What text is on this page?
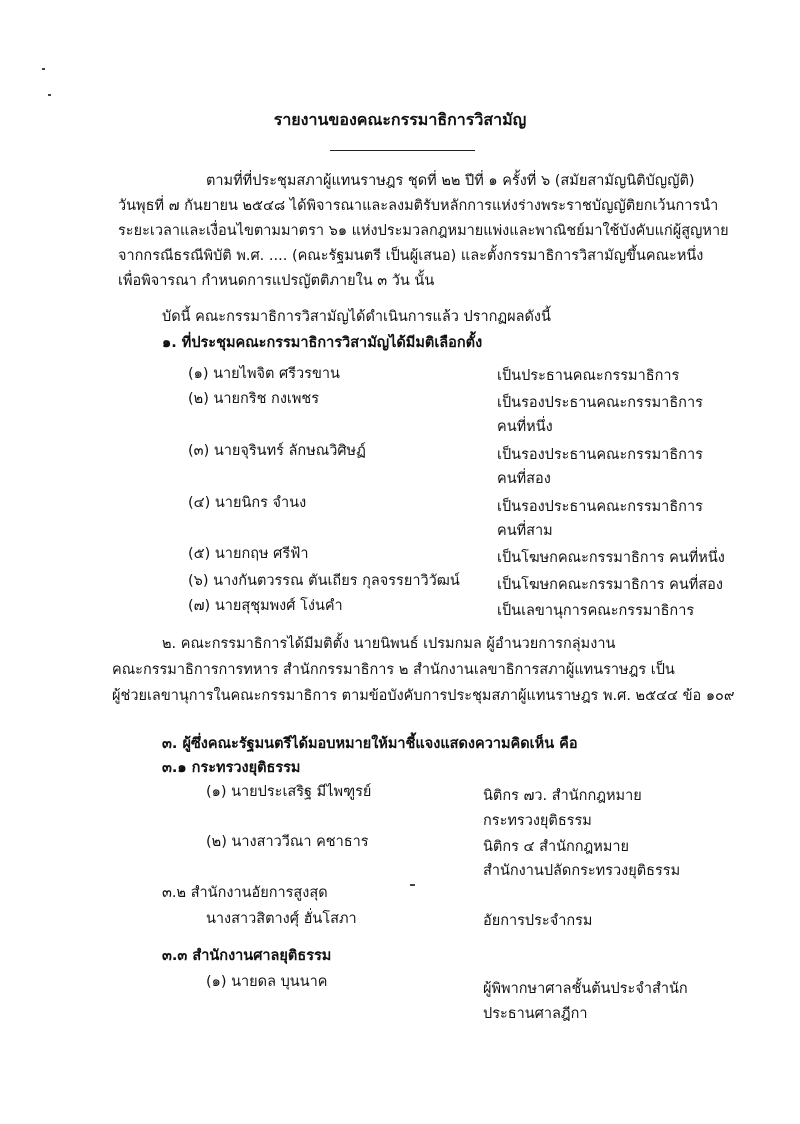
รายงานของคณะกรรมาธิการวิสามัญ
ตามที่ที่ประชุมสภาผู้แทนราษฎร ชุดที่ ๒๒ ปีที่ ๑ ครั้งที่ ๖ (สมัยสามัญนิติบัญญัติ)
วันพุธที่ ๗ กันยายน ๒๕๔๘ ได้พิจารณาและลงมติรับหลักการแห่งร่างพระราชบัญญัติยกเว้นการนำ
ระยะเวลาและเงื่อนไขตามมาตรา ๖๑ แห่งประมวลกฎหมายแพ่งและพาณิชย์มาใช้บังคับแก่ผู้สูญหาย
จากกรณีธรณีพิบัติ พ.ศ. .... (คณะรัฐมนตรี เป็นผู้เสนอ) และตั้งกรรมาธิการวิสามัญขึ้นคณะหนึ่ง
เพื่อพิจารณา กำหนดการแปรญัตติภายใน ๓ วัน นั้น
บัดนี้ คณะกรรมาธิการวิสามัญได้ดำเนินการแล้ว ปรากฏผลดังนี้
๑. ที่ประชุมคณะกรรมาธิการวิสามัญได้มีมติเลือกตั้ง
(๑) นายไพจิต ศรีวรขาน	เป็นประธานคณะกรรมาธิการ
(๒) นายกริช กงเพชร	เป็นรองประธานคณะกรรมาธิการ
คนที่หนึ่ง
(๓) นายจุรินทร์ ลักษณวิศิษฏ์	เป็นรองประธานคณะกรรมาธิการ
คนที่สอง
(๔) นายนิกร จำนง	เป็นรองประธานคณะกรรมาธิการ
คนที่สาม
(๕) นายกฤษ ศรีฟ้า	เป็นโฆษกคณะกรรมาธิการ คนที่หนึ่ง
(๖) นางกันตวรรณ ตันเถียร กุลจรรยาวิวัฒน์	เป็นโฆษกคณะกรรมาธิการ คนที่สอง
(๗) นายสุชุมพงศ์ โง่นคำ	เป็นเลขานุการคณะกรรมาธิการ
๒. คณะกรรมาธิการได้มีมติตั้ง นายนิพนธ์ เปรมกมล ผู้อำนวยการกลุ่มงาน
คณะกรรมาธิการการทหาร สำนักกรรมาธิการ ๒ สำนักงานเลขาธิการสภาผู้แทนราษฎร เป็น
ผู้ช่วยเลขานุการในคณะกรรมาธิการ ตามข้อบังคับการประชุมสภาผู้แทนราษฎร พ.ศ. ๒๕๔๔ ข้อ ๑๐๙
๓. ผู้ซึ่งคณะรัฐมนตรีได้มอบหมายให้มาชี้แจงแสดงความคิดเห็น คือ
๓.๑ กระทรวงยุติธรรม
(๑) นายประเสริฐ มีไพฑูรย์	นิติกร ๗ว. สำนักกฎหมาย
กระทรวงยุติธรรม
(๒) นางสาววีณา คชาธาร	นิติกร ๔ สำนักกฎหมาย
สำนักงานปลัดกระทรวงยุติธรรม
๓.๒ สำนักงานอัยการสูงสุด
นางสาวสิตางศุ์ ฮั่นโสภา	อัยการประจำกรม
๓.๓ สำนักงานศาลยุติธรรม
(๑) นายดล บุนนาค	ผู้พิพากษาศาลชั้นต้นประจำสำนัก
ประธานศาลฎีกา
